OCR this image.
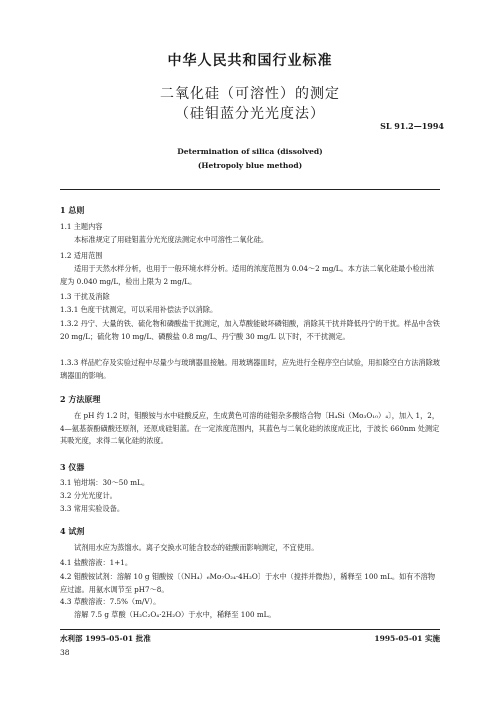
中华人民共和国行业标准
二氧化硅（可溶性）的测定
（硅钼蓝分光光度法）
SL 91.2—1994
Determination of silica (dissolved)
(Hetropoly blue method)
1 总则
1.1 主题内容
本标准规定了用硅钼蓝分光光度法测定水中可溶性二氧化硅。
1.2 适用范围
适用于天然水样分析，也用于一般环境水样分析。适用的浓度范围为 0.04～2 mg/L。本方法二氧化硅最小检出浓度为 0.040 mg/L，检出上限为 2 mg/L。
1.3 干扰及消除
1.3.1 色度干扰测定，可以采用补偿法予以消除。
1.3.2 丹宁、大量的铁、硫化物和磷酸盐干扰测定，加入草酸能破坏磷钼酸，消除其干扰并降低丹宁的干扰。样品中含铁 20 mg/L；硫化物 10 mg/L、磷酸盐 0.8 mg/L、丹宁酸 30 mg/L 以下时，不干扰测定。
1.3.3 样品贮存及实验过程中尽量少与玻璃器皿接触。用玻璃器皿时，应先进行全程序空白试验，用扣除空白方法消除玻璃器皿的影响。
2 方法原理
在 pH 约 1.2 时，钼酸铵与水中硅酸反应，生成黄色可溶的硅钼杂多酸络合物〔H₄Si（Mo₃O₁₀）₄〕，加入 1，2，4—氨基萘酚磺酸还原剂，还原成硅钼蓝。在一定浓度范围内，其蓝色与二氧化硅的浓度成正比，于波长 660nm 处测定其吸光度，求得二氧化硅的浓度。
3 仪器
3.1 铂坩埚：30～50 mL。
3.2 分光光度计。
3.3 常用实验设备。
4 试剂
试剂用水应为蒸馏水。离子交换水可能含胶态的硅酸而影响测定，不宜使用。
4.1 盐酸溶液：1+1。
4.2 钼酸铵试剂：溶解 10 g 钼酸铵〔（NH₄）₆Mo₇O₂₄·4H₂O〕于水中（搅拌并微热），稀释至 100 mL。如有不溶物应过滤。用氨水调节至 pH7～8。
4.3 草酸溶液：7.5%（m/V）。
溶解 7.5 g 草酸（H₂C₂O₄·2H₂O）于水中，稀释至 100 mL。
水利部 1995-05-01 批准	1995-05-01 实施
38
